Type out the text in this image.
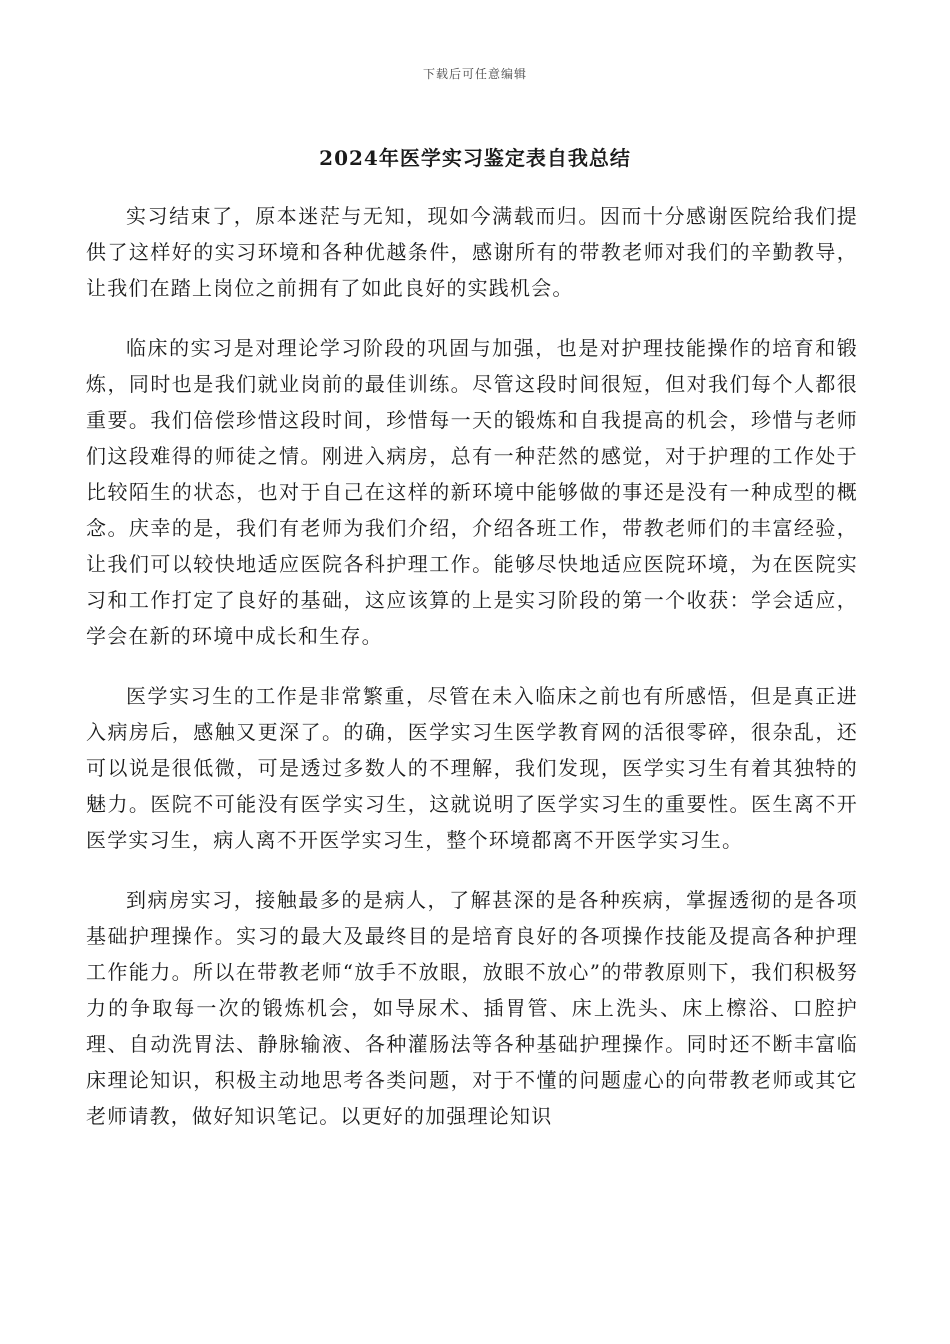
下载后可任意编辑
2024年医学实习鉴定表自我总结

实习结束了，原本迷茫与无知，现如今满载而归。因而十分感谢医院给我们提供了这样好的实习环境和各种优越条件，感谢所有的带教老师对我们的辛勤教导，让我们在踏上岗位之前拥有了如此良好的实践机会。

临床的实习是对理论学习阶段的巩固与加强，也是对护理技能操作的培育和锻炼，同时也是我们就业岗前的最佳训练。尽管这段时间很短，但对我们每个人都很重要。我们倍偿珍惜这段时间，珍惜每一天的锻炼和自我提高的机会，珍惜与老师们这段难得的师徒之情。刚进入病房，总有一种茫然的感觉，对于护理的工作处于比较陌生的状态，也对于自己在这样的新环境中能够做的事还是没有一种成型的概念。庆幸的是，我们有老师为我们介绍，介绍各班工作，带教老师们的丰富经验，让我们可以较快地适应医院各科护理工作。能够尽快地适应医院环境，为在医院实习和工作打定了良好的基础，这应该算的上是实习阶段的第一个收获：学会适应，学会在新的环境中成长和生存。

医学实习生的工作是非常繁重，尽管在未入临床之前也有所感悟，但是真正进入病房后，感触又更深了。的确，医学实习生医学教育网的活很零碎，很杂乱，还可以说是很低微，可是透过多数人的不理解，我们发现，医学实习生有着其独特的魅力。医院不可能没有医学实习生，这就说明了医学实习生的重要性。医生离不开医学实习生，病人离不开医学实习生，整个环境都离不开医学实习生。

到病房实习，接触最多的是病人，了解甚深的是各种疾病，掌握透彻的是各项基础护理操作。实习的最大及最终目的是培育良好的各项操作技能及提高各种护理工作能力。所以在带教老师“放手不放眼，放眼不放心”的带教原则下，我们积极努力的争取每一次的锻炼机会，如导尿术、插胃管、床上洗头、床上檫浴、口腔护理、自动洗胃法、静脉输液、各种灌肠法等各种基础护理操作。同时还不断丰富临床理论知识，积极主动地思考各类问题，对于不懂的问题虚心的向带教老师或其它老师请教，做好知识笔记。以更好的加强理论知识
